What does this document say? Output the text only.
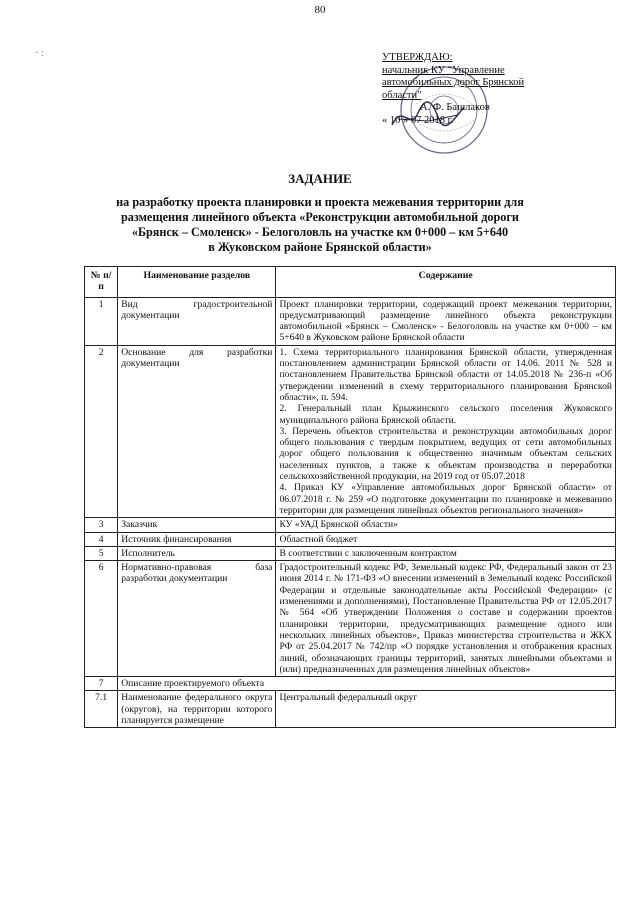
80
· :	УТВЕРЖДАЮ:
начальник КУ "Управление
автомобильных дорог Брянской
области"
А. Ф. Башлаков
« 10 » 07 2018 г.
ЗАДАНИЕ
на разработку проекта планировки и проекта межевания территории для
размещения линейного объекта «Реконструкции автомобильной дороги
«Брянск – Смоленск» - Белоголовль на участке км 0+000 – км 5+640
в Жуковском районе Брянской области»
№ п/п	Наименование разделов	Содержание
1	Вид градостроительной документации	Проект планировки территории, содержащий проект межевания территории, предусматривающий размещение линейного объекта реконструкции автомобильной «Брянск – Смоленск» - Белоголовль на участке км 0+000 – км 5+640 в Жуковском районе Брянской области
2	Основание для разработки документации	1. Схема территориального планирования Брянской области, утвержденная постановлением администрации Брянской области от 14.06. 2011 № 528 и постановлением Правительства Брянской области от 14.05.2018 № 236-п «Об утверждении изменений в схему территориального планирования Брянской области», п. 594.
2. Генеральный план Крыжинского сельского поселения Жуковского муниципального района Брянской области.
3. Перечень объектов строительства и реконструкции автомобильных дорог общего пользования с твердым покрытием, ведущих от сети автомобильных дорог общего пользования к общественно значимым объектам сельских населенных пунктов, а также к объектам производства и переработки сельскохозяйственной продукции, на 2019 год от 05.07.2018
4. Приказ КУ «Управление автомобильных дорог Брянской области» от 06.07.2018 г. № 259 «О подготовке документации по планировке и межеванию территории для размещения линейных объектов регионального значения»

3	Заказчик	КУ «УАД Брянской области»
4	Источник финансирования	Областной бюджет
5	Исполнитель	В соответствии с заключенным контрактом
6	Нормативно-правовая база разработки документации	Градостроительный кодекс РФ, Земельный кодекс РФ, Федеральный закон от 23 июня 2014 г. № 171-ФЗ «О внесении изменений в Земельный кодекс Российской Федерации и отдельные законодательные акты Российской Федерации» (с изменениями и дополнениями), Постановление Правительства РФ от 12.05.2017 № 564 «Об утверждении Положения о составе и содержании проектов планировки территории, предусматривающих размещение одного или нескольких линейных объектов», Приказ министерства строительства и ЖКХ РФ от 25.04.2017 № 742/пр «О порядке установления и отображения красных линий, обозначающих границы территорий, занятых линейными объектами и (или) предназначенных для размещения линейных объектов»
7	Описание проектируемого объекта	
7.1	Наименование федерального округа (округов), на территории которого планируется размещение	Центральный федеральный округ
